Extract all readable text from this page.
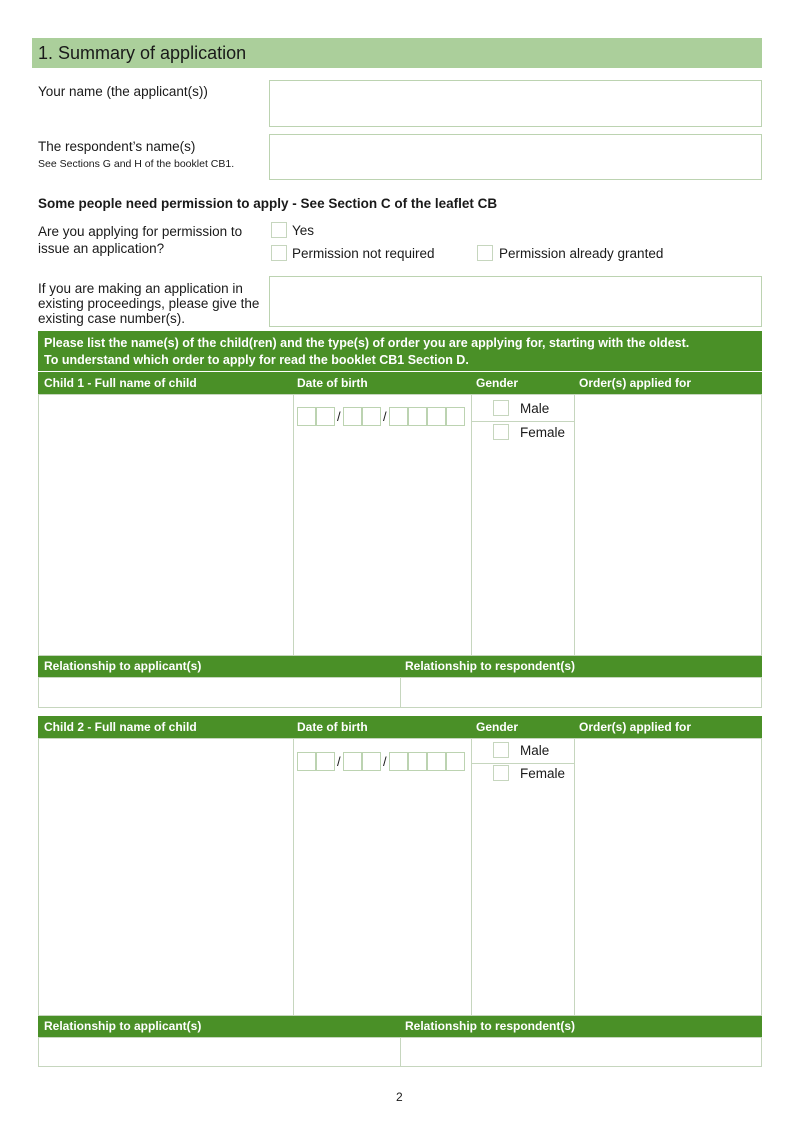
1. Summary of application
Your name (the applicant(s))
The respondent’s name(s)
See Sections G and H of the booklet CB1.
Some people need permission to apply - See Section C of the leaflet CB
Are you applying for permission to
issue an application?
Yes
Permission not required	Permission already granted
If you are making an application in
existing proceedings, please give the
existing case number(s).
Please list the name(s) of the child(ren) and the type(s) of order you are applying for, starting with the oldest.
To understand which order to apply for read the booklet CB1 Section D.
Child 1 - Full name of child	Date of birth	Gender	Order(s) applied for
/	/
Male
Female
Relationship to applicant(s)	Relationship to respondent(s)
Child 2 - Full name of child	Date of birth	Gender	Order(s) applied for
/	/
Male
Female
Relationship to applicant(s)	Relationship to respondent(s)
2
